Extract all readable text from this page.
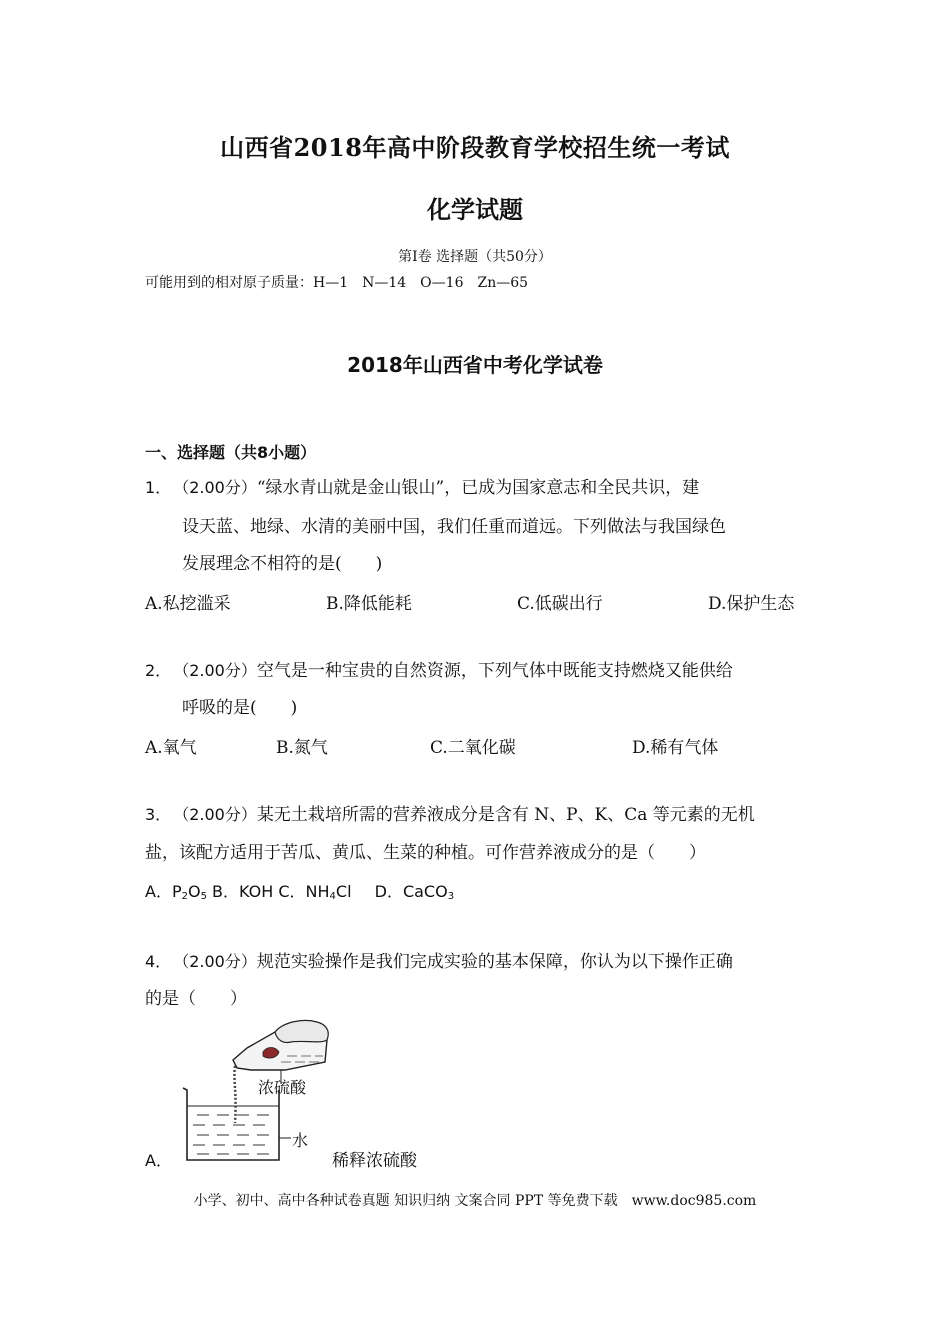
山西省2018年高中阶段教育学校招生统一考试
化学试题
第Ⅰ卷 选择题（共50分）
可能用到的相对原子质量：H—1　N—14　O—16　Zn—65
2018年山西省中考化学试卷
一、选择题（共8小题）
1． （2.00分）“绿水青山就是金山银山”，已成为国家意志和全民共识，建
设天蓝、地绿、水清的美丽中国，我们任重而道远。下列做法与我国绿色
发展理念不相符的是(　　)
A.私挖滥采	B.降低能耗	C.低碳出行	D.保护生态
2． （2.00分）空气是一种宝贵的自然资源，下列气体中既能支持燃烧又能供给
呼吸的是(　　)
A.氧气	B.氮气	C.二氧化碳	D.稀有气体
3． （2.00分）某无土栽培所需的营养液成分是含有 N、P、K、Ca 等元素的无机
盐，该配方适用于苦瓜、黄瓜、生菜的种植。可作营养液成分的是（　　）
A．$P_2O_5$ B．KOH C．$NH_4Cl$ D．CaCO$_3$
4． （2.00分）规范实验操作是我们完成实验的基本保障，你认为以下操作正确
的是（　　）
浓硫酸
水
A．	稀释浓硫酸
小学、初中、高中各种试卷真题 知识归纳 文案合同 PPT 等免费下载　www.doc985.com
